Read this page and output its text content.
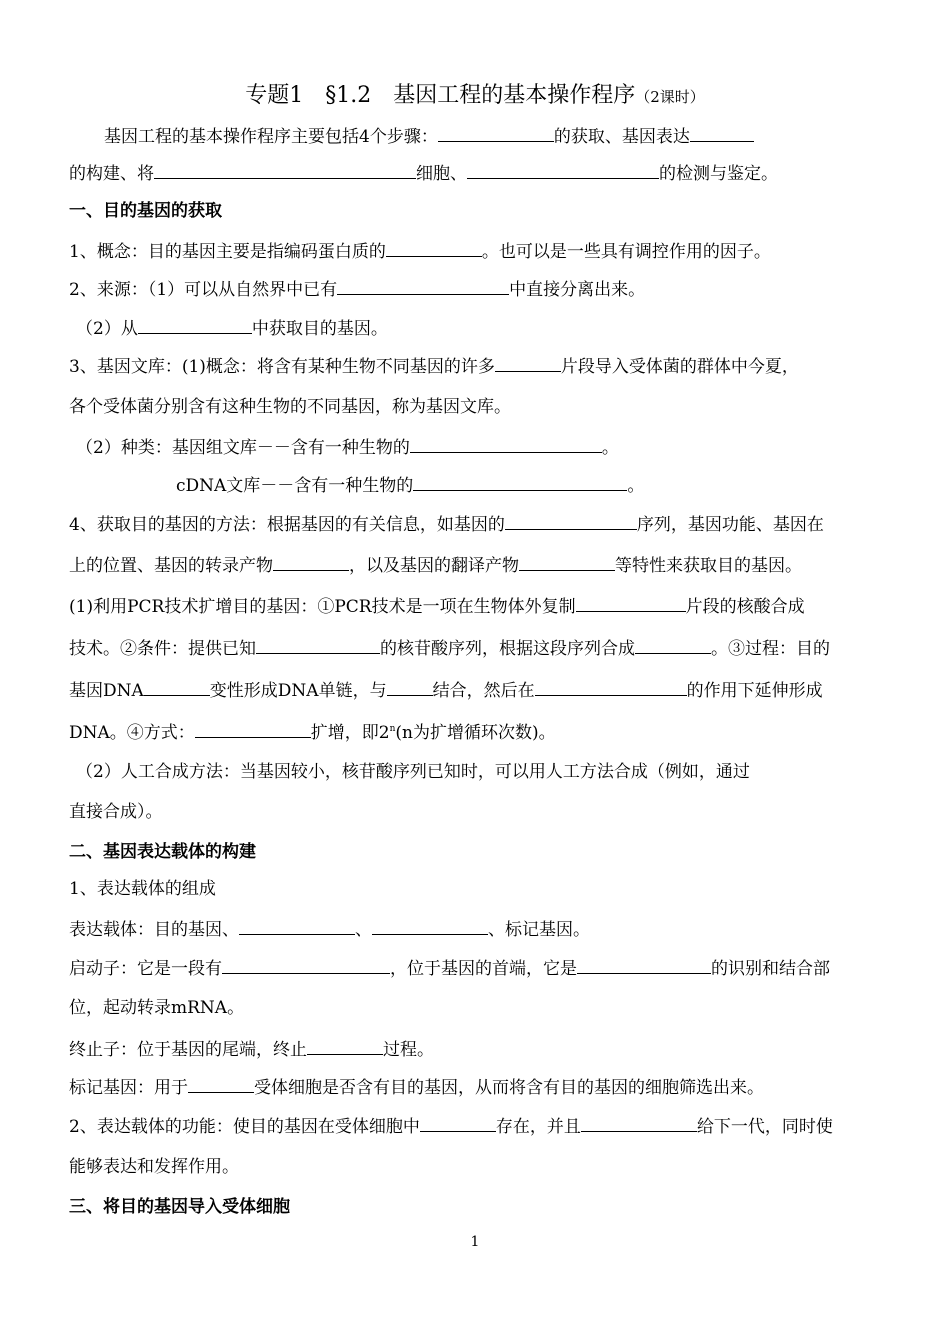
专题1　§1.2　基因工程的基本操作程序（2课时）
基因工程的基本操作程序主要包括4个步骤：	的获取、基因表达
的构建、将	细胞、	的检测与鉴定。
一、目的基因的获取
1、概念：目的基因主要是指编码蛋白质的	。也可以是一些具有调控作用的因子。
2、来源：（1）可以从自然界中已有	中直接分离出来。
（2）从	中获取目的基因。
3、基因文库：(1)概念：将含有某种生物不同基因的许多	片段导入受体菌的群体中今夏，
各个受体菌分别含有这种生物的不同基因，称为基因文库。
（2）种类：基因组文库－－含有一种生物的	。
cDNA文库－－含有一种生物的	。
4、获取目的基因的方法：根据基因的有关信息，如基因的	序列，基因功能、基因在
上的位置、基因的转录产物	，以及基因的翻译产物	等特性来获取目的基因。
(1)利用PCR技术扩增目的基因：①PCR技术是一项在生物体外复制	片段的核酸合成
技术。②条件：提供已知	的核苷酸序列，根据这段序列合成	。③过程：目的
基因DNA	变性形成DNA单链，与	结合，然后在	的作用下延伸形成
DNA。④方式：	扩增，即2$^n$(n为扩增循环次数)。
（2）人工合成方法：当基因较小，核苷酸序列已知时，可以用人工方法合成（例如，通过
直接合成）。
二、基因表达载体的构建
1、表达载体的组成
表达载体：目的基因、	、	、标记基因。
启动子：它是一段有	，位于基因的首端，它是	的识别和结合部
位，起动转录mRNA。
终止子：位于基因的尾端，终止	过程。
标记基因：用于	受体细胞是否含有目的基因，从而将含有目的基因的细胞筛选出来。
2、表达载体的功能：使目的基因在受体细胞中	存在，并且	给下一代，同时使
能够表达和发挥作用。
三、将目的基因导入受体细胞
1
